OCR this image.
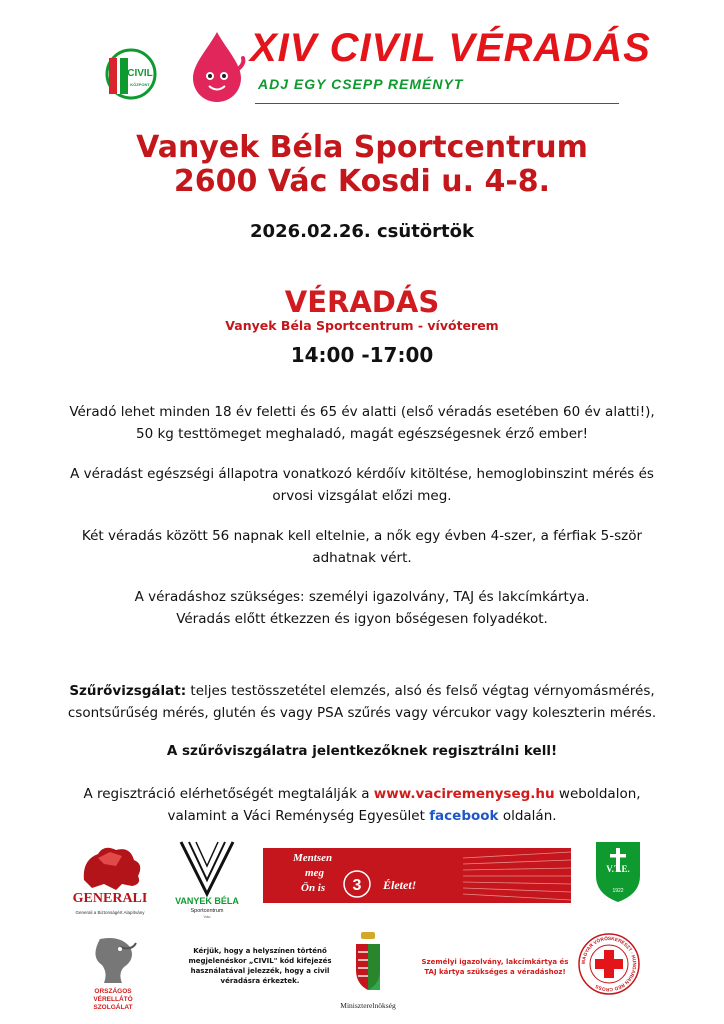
CIVIL
KÖZPONT
XIV CIVIL VÉRADÁS
ADJ EGY CSEPP REMÉNYT
Vanyek Béla Sportcentrum
2600 Vác Kosdi u. 4-8.
2026.02.26. csütörtök
VÉRADÁS
Vanyek Béla Sportcentrum - vívóterem
14:00 -17:00
Véradó lehet minden 18 év feletti és 65 év alatti (első véradás esetében 60 év alatti!),
50 kg testtömeget meghaladó, magát egészségesnek érző ember!
A véradást egészségi állapotra vonatkozó kérdőív kitöltése, hemoglobinszint mérés és
orvosi vizsgálat előzi meg.
Két véradás között 56 napnak kell eltelnie, a nők egy évben 4-szer, a férfiak 5-ször
adhatnak vért.
A véradáshoz szükséges: személyi igazolvány, TAJ és lakcímkártya.
Véradás előtt étkezzen és igyon bőségesen folyadékot.
Szűrővizsgálat: teljes testösszetétel elemzés, alsó és felső végtag vérnyomásmérés,
csontsűrűség mérés, glutén és vagy PSA szűrés vagy vércukor vagy koleszterin mérés.
A szűrőviszgálatra jelentkezőknek regisztrálni kell!
A regisztráció elérhetőségét megtalálják a www.vaciremenyseg.hu weboldalon,
valamint a Váci Reménység Egyesület facebook oldalán.
GENERALI
Generali a Biztonságért Alapítvány
VANYEK BÉLA
Sportcentrum
Vác
Mentsen
meg
Ön is 3 Életet!
V.T.E.
1922
ORSZÁGOS
VÉRELLÁTÓ
SZOLGÁLAT
Kérjük, hogy a helyszínen történő megjelenéskor „CIVIL" kód kifejezés használatával jelezzék, hogy a civil véradásra érkeztek.
Miniszterelnökség
Személyi igazolvány, lakcímkártya és TAJ kártya szükséges a véradáshoz!
MAGYAR VÖRÖSKERESZT · HUNGARIAN RED CROSS
